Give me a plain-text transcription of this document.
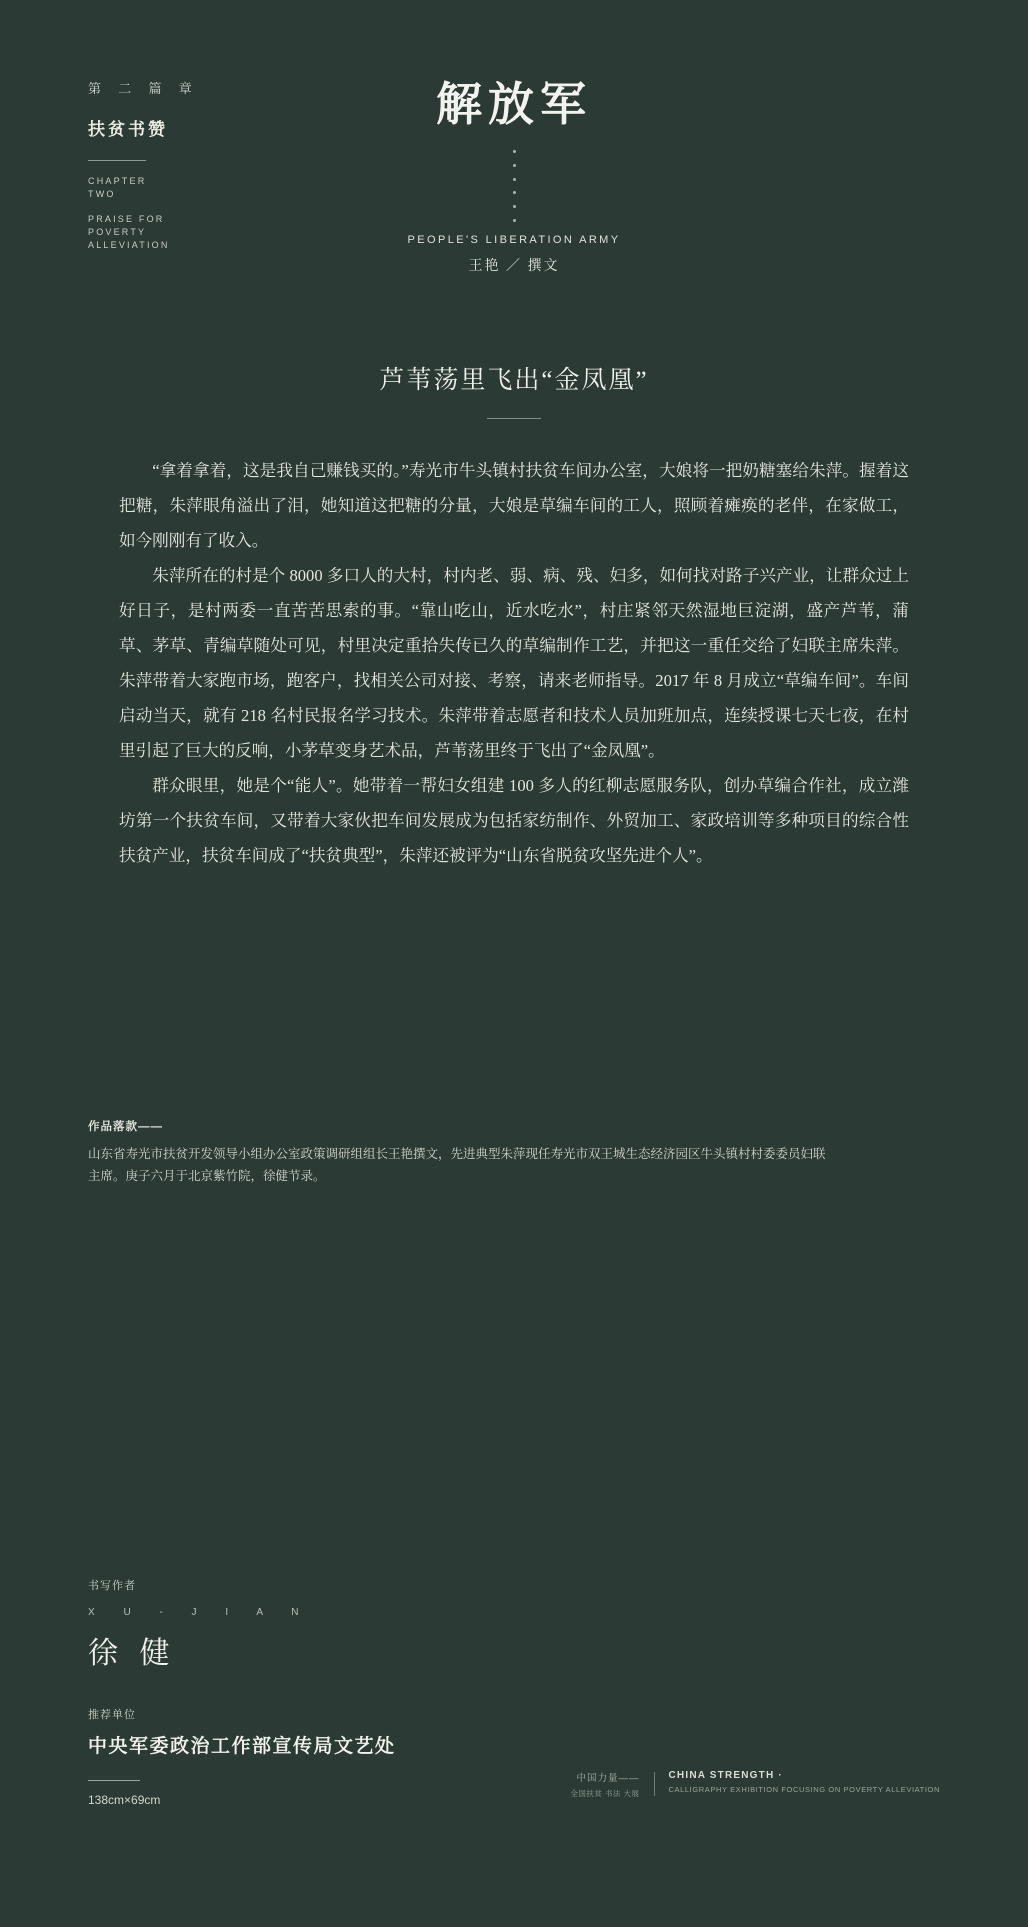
第 二 篇 章
扶贫书赞
CHAPTER
TWO
PRAISE FOR
POVERTY
ALLEVIATION
解放军
PEOPLE'S LIBERATION ARMY
王艳 ／ 撰文
芦苇荡里飞出“金凤凰”

“拿着拿着，这是我自己赚钱买的。”寿光市牛头镇村扶贫车间办公室，大娘将一把奶糖塞给朱萍。握着这把糖，朱萍眼角溢出了泪，她知道这把糖的分量，大娘是草编车间的工人，照顾着瘫痪的老伴，在家做工，如今刚刚有了收入。

朱萍所在的村是个 8000 多口人的大村，村内老、弱、病、残、妇多，如何找对路子兴产业，让群众过上好日子，是村两委一直苦苦思索的事。“靠山吃山，近水吃水”，村庄紧邻天然湿地巨淀湖，盛产芦苇，蒲草、茅草、青编草随处可见，村里决定重拾失传已久的草编制作工艺，并把这一重任交给了妇联主席朱萍。朱萍带着大家跑市场，跑客户，找相关公司对接、考察，请来老师指导。2017 年 8 月成立“草编车间”。车间启动当天，就有 218 名村民报名学习技术。朱萍带着志愿者和技术人员加班加点，连续授课七天七夜，在村里引起了巨大的反响，小茅草变身艺术品，芦苇荡里终于飞出了“金凤凰”。

群众眼里，她是个“能人”。她带着一帮妇女组建 100 多人的红柳志愿服务队，创办草编合作社，成立潍坊第一个扶贫车间，又带着大家伙把车间发展成为包括家纺制作、外贸加工、家政培训等多种项目的综合性扶贫产业，扶贫车间成了“扶贫典型”，朱萍还被评为“山东省脱贫攻坚先进个人”。

作品落款——
山东省寿光市扶贫开发领导小组办公室政策调研组组长王艳撰文，先进典型朱萍现任寿光市双王城生态经济园区牛头镇村村委委员妇联主席。庚子六月于北京紫竹院，徐健节录。
书写作者
X U - J I A N
徐 健
推荐单位
中央军委政治工作部宣传局文艺处
138cm×69cm
中国力量——
全国扶贫 书法 大展
CHINA STRENGTH ·
CALLIGRAPHY EXHIBITION FOCUSING ON POVERTY ALLEVIATION
